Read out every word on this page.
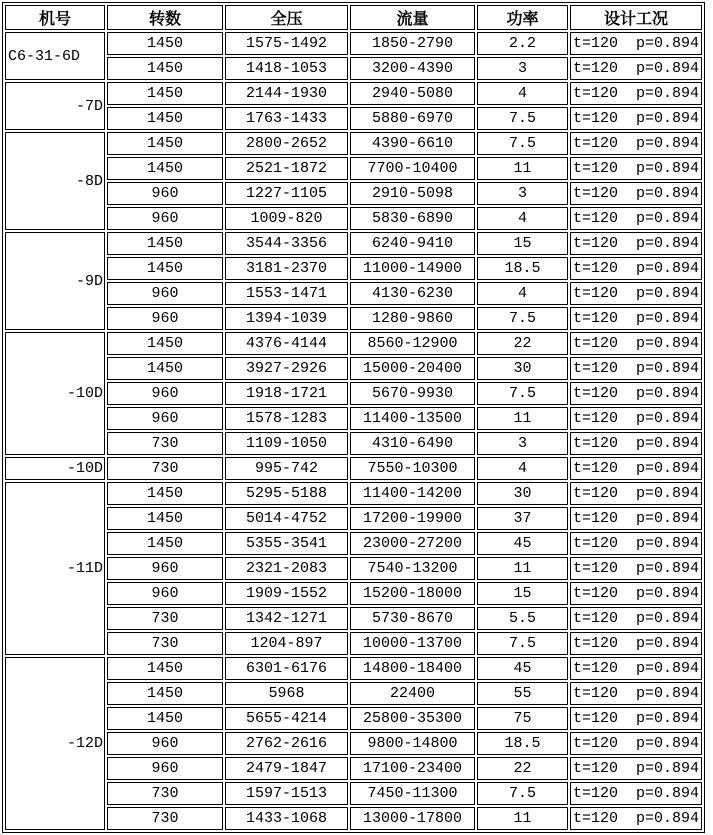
机号	转数	全压	流量	功率	设计工况
C6-31-6D	1450	1575-1492	1850-2790	2.2	t=120  p=0.894
	1450	1418-1053	3200-4390	3	t=120  p=0.894
-7D	1450	2144-1930	2940-5080	4	t=120  p=0.894
	1450	1763-1433	5880-6970	7.5	t=120  p=0.894
-8D	1450	2800-2652	4390-6610	7.5	t=120  p=0.894
	1450	2521-1872	7700-10400	11	t=120  p=0.894
	960	1227-1105	2910-5098	3	t=120  p=0.894
	960	1009-820	5830-6890	4	t=120  p=0.894
-9D	1450	3544-3356	6240-9410	15	t=120  p=0.894
	1450	3181-2370	11000-14900	18.5	t=120  p=0.894
	960	1553-1471	4130-6230	4	t=120  p=0.894
	960	1394-1039	1280-9860	7.5	t=120  p=0.894
-10D	1450	4376-4144	8560-12900	22	t=120  p=0.894
	1450	3927-2926	15000-20400	30	t=120  p=0.894
	960	1918-1721	5670-9930	7.5	t=120  p=0.894
	960	1578-1283	11400-13500	11	t=120  p=0.894
	730	1109-1050	4310-6490	3	t=120  p=0.894
-10D	730	995-742	7550-10300	4	t=120  p=0.894
-11D	1450	5295-5188	11400-14200	30	t=120  p=0.894
	1450	5014-4752	17200-19900	37	t=120  p=0.894
	1450	5355-3541	23000-27200	45	t=120  p=0.894
	960	2321-2083	7540-13200	11	t=120  p=0.894
	960	1909-1552	15200-18000	15	t=120  p=0.894
	730	1342-1271	5730-8670	5.5	t=120  p=0.894
	730	1204-897	10000-13700	7.5	t=120  p=0.894
-12D	1450	6301-6176	14800-18400	45	t=120  p=0.894
	1450	5968	22400	55	t=120  p=0.894
	1450	5655-4214	25800-35300	75	t=120  p=0.894
	960	2762-2616	9800-14800	18.5	t=120  p=0.894
	960	2479-1847	17100-23400	22	t=120  p=0.894
	730	1597-1513	7450-11300	7.5	t=120  p=0.894
	730	1433-1068	13000-17800	11	t=120  p=0.894
